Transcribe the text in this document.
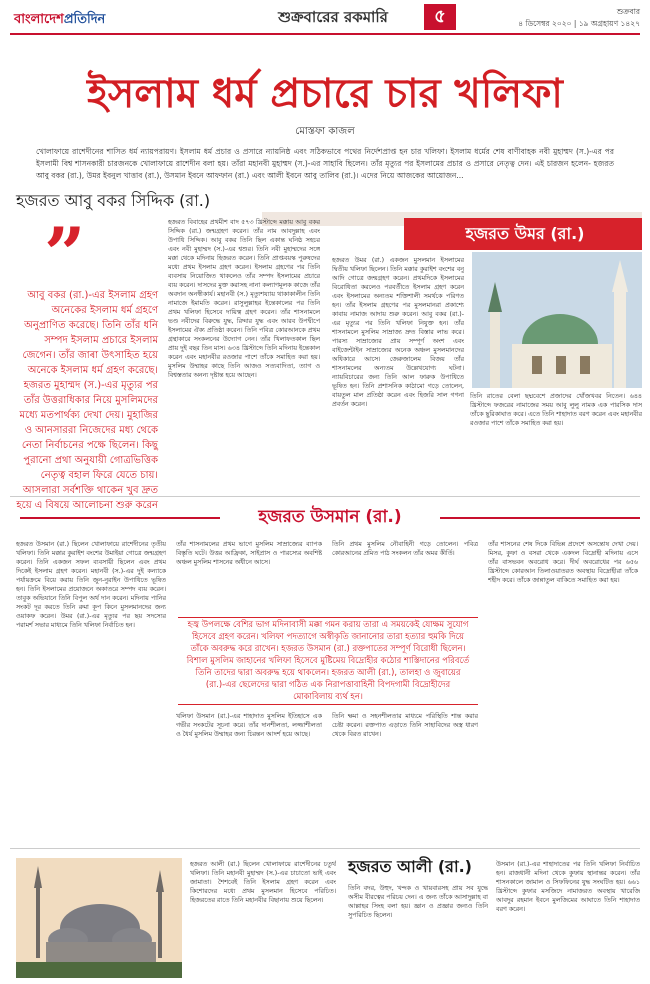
বাংলাদেশপ্রতিদিন	শুক্রবারের রকমারি	৫	শুক্রবার
৪ ডিসেম্বর ২০২০ | ১৯ অগ্রহায়ণ ১৪২৭
ইসলাম ধর্ম প্রচারে চার খলিফা
মোস্তফা কাজল
খোলাফায়ে রাশেদীনের শাসিত ধর্ম ন্যায়পরায়ণ। ইসলাম ধর্ম প্রচার ও প্রসারে ন্যায়নিষ্ঠ এবং সঠিকভাবে পথের নির্দেশপ্রাপ্ত হন চার খলিফা। ইসলাম ধর্মের শেষ বাণীবাহক নবী মুহাম্মদ (স.)-এর পর ইসলামী বিশ্ব শাসনকারী চারজনকে খোলাফায়ে রাশেদীন বলা হয়। তাঁরা মহানবী মুহাম্মদ (স.)-এর সাহাবি ছিলেন। তাঁর মৃত্যুর পর ইসলামের প্রচার ও প্রসারে নেতৃত্ব দেন। এই চারজন হলেন- হজরত আবু বকর (রা.), উমর ইবনুল খাত্তাব (রা.), উসমান ইবনে আফফান (রা.) এবং আলী ইবনে আবু তালিব (রা.)। এদের নিয়ে আজকের আয়োজন...
হজরত আবু বকর সিদ্দিক (রা.)
হজরত উমর (রা.)
”
আবু বকর (রা.)-এর ইসলাম গ্রহণ অনেকের ইসলাম ধর্ম গ্রহণে অনুপ্রাণিত করেছে। তিনি তাঁর ধনি সম্পদ ইসলাম প্রচারে ইসলাম জেগেন। তাঁর জাৰা উৎসাহিত হয়ে অনেকে ইসলাম ধর্ম গ্রহণ করেছে। হজরত মুহাম্মদ (স.)-এর মৃত্যুর পর তাঁর উত্তরাধিকার নিয়ে মুসলিমদের মধ্যে মতপার্থক্য দেখা দেয়। মুহাজির ও আনসাররা নিজেদের মধ্য থেকে নেতা নির্বাচনের পক্ষে ছিলেন। কিছু পুরানো প্রথা অনুযায়ী গোত্রভিত্তিক নেতৃত্ব বহাল ফিরে যেতে চায়। আসলারা সর্বশক্তি থাকেন খুব দ্রুত হয়ে এ বিষয়ে আলোচনা শুরু করেন
হজরত বিবাহের প্রথমীশ বাদ ৫৭৩ খ্রিস্টাব্দে মক্কায় আবু বকর সিদ্দিক (রা.) জন্মগ্রহণ করেন। তাঁর নাম আবদুল্লাহ এবং উপাধি সিদ্দিক। আবু বকর তিনি ছিল একান্ত ঘনিষ্ঠ সহচর এবং নবী মুহাম্মদ (স.)-এর শ্বশুর। তিনি নবী মুহাম্মদের সঙ্গে মক্কা থেকে মদিনায় হিজরত করেন। তিনি প্রাপ্তবয়স্ক পুরুষদের মধ্যে প্রথম ইসলাম গ্রহণ করেন। ইসলাম গ্রহণের পর তিনি ব্যবসায় নিয়োজিত থাকলেও তাঁর সম্পদ ইসলামের প্রচারে ব্যয় করেন। দাসদের মুক্ত করাসহ নানা কল্যাণমূলক কাজে তাঁর অবদান অনস্বীকার্য। মহানবী (স.) মৃত্যুশয্যায় থাকাকালীন তিনি নামাজে ইমামতি করেন। রাসুলুল্লাহর ইন্তেকালের পর তিনি প্রথম খলিফা হিসেবে দায়িত্ব গ্রহণ করেন। তাঁর শাসনামলে ভণ্ড নবীদের বিরুদ্ধে যুদ্ধ, রিদ্দার যুদ্ধ এবং আরব উপদ্বীপে ইসলামের ঐক্য প্রতিষ্ঠা করেন। তিনি পবিত্র কোরআনকে প্রথম গ্রন্থাকারে সংকলনের উদ্যোগ নেন। তাঁর খিলাফতকাল ছিল প্রায় দুই বছর তিন মাস। ৬৩৪ খ্রিস্টাব্দে তিনি মদিনায় ইন্তেকাল করেন এবং মহানবীর রওজার পাশে তাঁকে সমাহিত করা হয়। মুসলিম উম্মাহর কাছে তিনি আজও সত্যবাদিতা, ত্যাগ ও বিশ্বস্ততার অনন্য দৃষ্টান্ত হয়ে আছেন।
হজরত উমর (রা.) একজন মুসলমান ইসলামের দ্বিতীয় খলিফা ছিলেন। তিনি মক্কার কুরাইশ বংশের বনু আদি গোত্রে জন্মগ্রহণ করেন। প্রথমদিকে ইসলামের বিরোধিতা করলেও পরবর্তীতে ইসলাম গ্রহণ করেন এবং ইসলামের অন্যতম শক্তিশালী সমর্থকে পরিণত হন। তাঁর ইসলাম গ্রহণের পর মুসলমানরা প্রকাশ্যে কাবায় নামাজ আদায় শুরু করেন। আবু বকর (রা.)-এর মৃত্যুর পর তিনি খলিফা নিযুক্ত হন। তাঁর শাসনামলে মুসলিম সাম্রাজ্য দ্রুত বিস্তার লাভ করে। পারস্য সাম্রাজ্যের প্রায় সম্পূর্ণ অংশ এবং বাইজেন্টাইন সাম্রাজ্যের অনেক অঞ্চল মুসলমানদের অধিকারে আসে। জেরুজালেম বিজয় তাঁর শাসনামলের অন্যতম উল্লেখযোগ্য ঘটনা। ন্যায়বিচারের জন্য তিনি আল ফারুক উপাধিতে ভূষিত হন। তিনি প্রশাসনিক কাঠামো গড়ে তোলেন, বায়তুল মাল প্রতিষ্ঠা করেন এবং হিজরি সাল গণনা প্রবর্তন করেন।
তিনি রাতের বেলা ছদ্মবেশে প্রজাদের খোঁজখবর নিতেন। ৬৪৪ খ্রিস্টাব্দে ফজরের নামাজের সময় আবু লুলু নামক এক পারসিক দাস তাঁকে ছুরিকাঘাত করে। এতে তিনি শাহাদাত বরণ করেন এবং মহানবীর রওজার পাশে তাঁকে সমাহিত করা হয়।
হজরত উসমান (রা.)
হজরত উসমান (রা.) ছিলেন খোলাফায়ে রাশেদীনের তৃতীয় খলিফা। তিনি মক্কার কুরাইশ বংশের উমাইয়া গোত্রে জন্মগ্রহণ করেন। তিনি একজন সফল ব্যবসায়ী ছিলেন এবং প্রথম দিকেই ইসলাম গ্রহণ করেন। মহানবী (স.)-এর দুই কন্যাকে পর্যায়ক্রমে বিয়ে করায় তিনি জুন-নুরাইন উপাধিতে ভূষিত হন। তিনি ইসলামের প্রয়োজনে অকাতরে সম্পদ ব্যয় করেন। তাবুক অভিযানে তিনি বিপুল অর্থ দান করেন। মদিনায় পানির সংকট দূর করতে তিনি রুমা কূপ কিনে মুসলমানদের জন্য ওয়াকফ করেন। উমর (রা.)-এর মৃত্যুর পর ছয় সদস্যের পরামর্শ সভার মাধ্যমে তিনি খলিফা নির্বাচিত হন।
তাঁর শাসনামলের প্রথম ভাগে মুসলিম সাম্রাজ্যের ব্যাপক বিস্তৃতি ঘটে। উত্তর আফ্রিকা, সাইপ্রাস ও পারস্যের অবশিষ্ট অঞ্চল মুসলিম শাসনের অধীনে আসে।
তিনি প্রথম মুসলিম নৌবাহিনী গড়ে তোলেন। পবিত্র কোরআনের প্রমিত পাঠ সংকলন তাঁর অমর কীর্তি।
তাঁর শাসনের শেষ দিকে বিভিন্ন প্রদেশে অসন্তোষ দেখা দেয়। মিসর, কুফা ও বসরা থেকে একদল বিদ্রোহী মদিনায় এসে তাঁর বাসভবন অবরোধ করে। দীর্ঘ অবরোধের পর ৬৫৬ খ্রিস্টাব্দে কোরআন তিলাওয়াতরত অবস্থায় বিদ্রোহীরা তাঁকে শহীদ করে। তাঁকে জান্নাতুল বাকিতে সমাহিত করা হয়।
হজ্ব উপলক্ষে বেশির ভাগ মদিনাবাসী মক্কা গমন করায় তারা এ সময়কেই যোক্ষম সুযোগ হিসেবে গ্রহণ করেন। খলিফা পদত্যাগে অস্বীকৃতি জানানোর তারা হত্যার হুমকি দিয়ে তাঁকে অবরুদ্ধ করে রাখেন। হজরত উসমান (রা.) রক্তপাতের সম্পূর্ণ বিরোধী ছিলেন। বিশাল মুসলিম জাহানের খলিফা হিসেবে মুষ্টিমেয় বিদ্রোহীর কঠোর শাস্তিদানের পরিবর্তে তিনি তাদের দ্বারা অবরুদ্ধ হয়ে থাকলেন। হজরত আলী (রা.), তালহা ও জুবায়ের (রা.)-এর ছেলেদের দ্বারা গঠিত এক নিরাপত্তাবাহিনী বিপদগামী বিদ্রোহীদের মোকাবিলায় ব্যর্থ হন।
খলিফা উসমান (রা.)-এর শাহাদাত মুসলিম ইতিহাসে এক গভীর সংকটের সূচনা করে। তাঁর দানশীলতা, লজ্জাশীলতা ও ধৈর্য মুসলিম উম্মাহর জন্য চিরন্তন আদর্শ হয়ে আছে।
তিনি ক্ষমা ও সহনশীলতার মাধ্যমে পরিস্থিতি শান্ত করার চেষ্টা করেন। রক্তপাত এড়াতে তিনি সাহাবিদের অস্ত্র ধারণ থেকে বিরত রাখেন।
হজরত আলী (রা.) ছিলেন খোলাফায়ে রাশেদীনের চতুর্থ খলিফা। তিনি মহানবী মুহাম্মদ (স.)-এর চাচাতো ভাই এবং জামাতা। শৈশবেই তিনি ইসলাম গ্রহণ করেন এবং কিশোরদের মধ্যে প্রথম মুসলমান হিসেবে পরিচিত। হিজরতের রাতে তিনি মহানবীর বিছানায় শুয়ে ছিলেন।
হজরত আলী (রা.)
তিনি বদর, উহুদ, খন্দক ও খায়বারসহ প্রায় সব যুদ্ধে অসীম বীরত্বের পরিচয় দেন। এ জন্য তাঁকে আসাদুল্লাহ বা আল্লাহর সিংহ বলা হয়। জ্ঞান ও প্রজ্ঞার জন্যও তিনি সুপরিচিত ছিলেন।
উসমান (রা.)-এর শাহাদাতের পর তিনি খলিফা নির্বাচিত হন। রাজধানী মদিনা থেকে কুফায় স্থানান্তর করেন। তাঁর শাসনকালে জামাল ও সিফফিনের যুদ্ধ সংঘটিত হয়। ৬৬১ খ্রিস্টাব্দে কুফার মসজিদে নামাজরত অবস্থায় খারেজি আবদুর রহমান ইবনে মুলজিমের আঘাতে তিনি শাহাদাত বরণ করেন।
